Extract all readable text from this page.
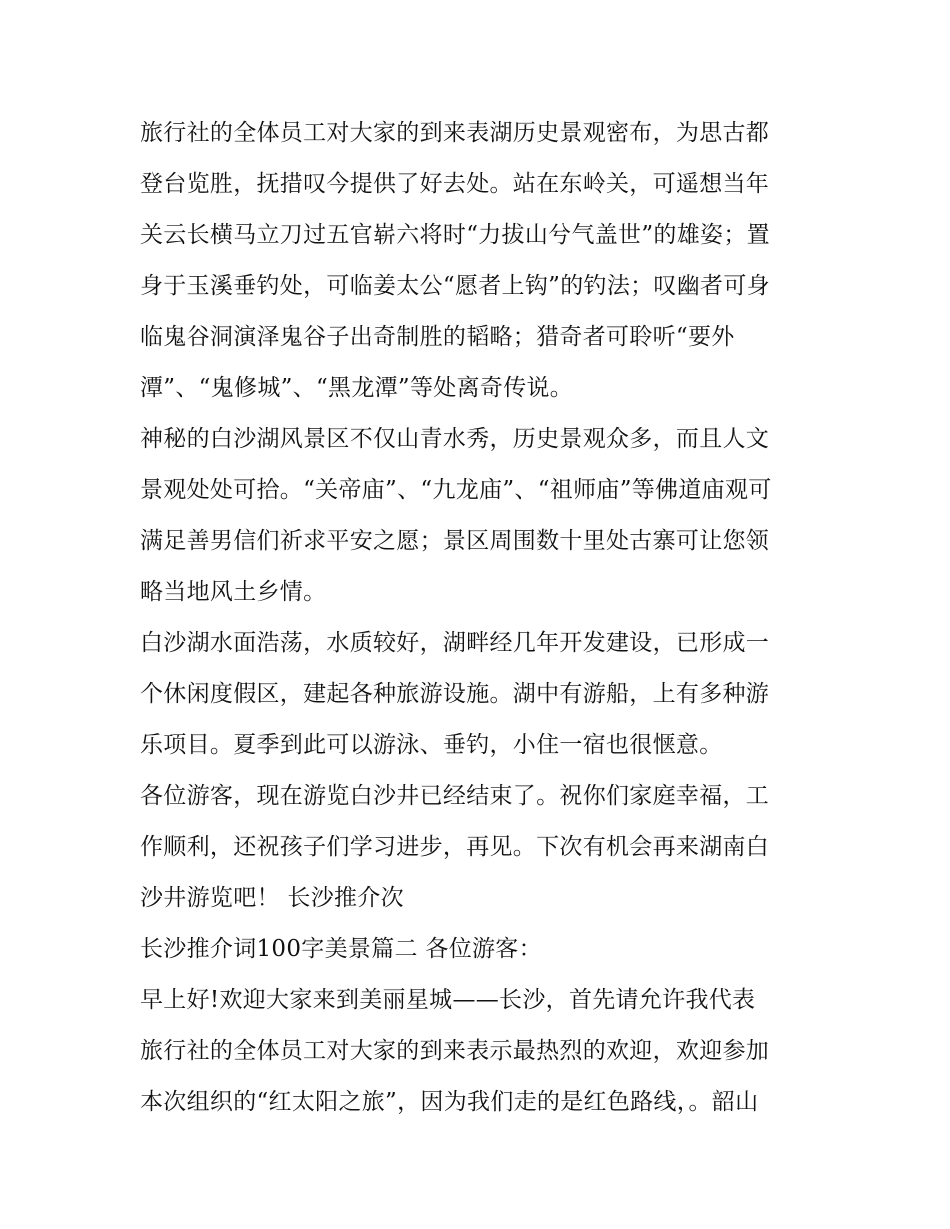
旅行社的全体员工对大家的到来表湖历史景观密布，为思古都
登台览胜，抚措叹今提供了好去处。站在东岭关，可遥想当年
关云长横马立刀过五官崭六将时“力拔山兮气盖世”的雄姿；置
身于玉溪垂钓处，可临姜太公“愿者上钩”的钓法；叹幽者可身
临鬼谷洞演泽鬼谷子出奇制胜的韬略；猎奇者可聆听“要外
潭”、“鬼修城”、“黑龙潭”等处离奇传说。
神秘的白沙湖风景区不仅山青水秀，历史景观众多，而且人文
景观处处可拾。“关帝庙”、“九龙庙”、“祖师庙”等佛道庙观可
满足善男信们祈求平安之愿；景区周围数十里处古寨可让您领
略当地风土乡情。
白沙湖水面浩荡，水质较好，湖畔经几年开发建设，已形成一
个休闲度假区，建起各种旅游设施。湖中有游船，上有多种游
乐项目。夏季到此可以游泳、垂钓，小住一宿也很惬意。
各位游客，现在游览白沙井已经结束了。祝你们家庭幸福，工
作顺利，还祝孩子们学习进步，再见。下次有机会再来湖南白
沙井游览吧！ 长沙推介次
长沙推介词100字美景篇二 各位游客：
早上好!欢迎大家来到美丽星城——长沙，首先请允许我代表
旅行社的全体员工对大家的到来表示最热烈的欢迎，欢迎参加
本次组织的“红太阳之旅”，因为我们走的是红色路线，。韶山
